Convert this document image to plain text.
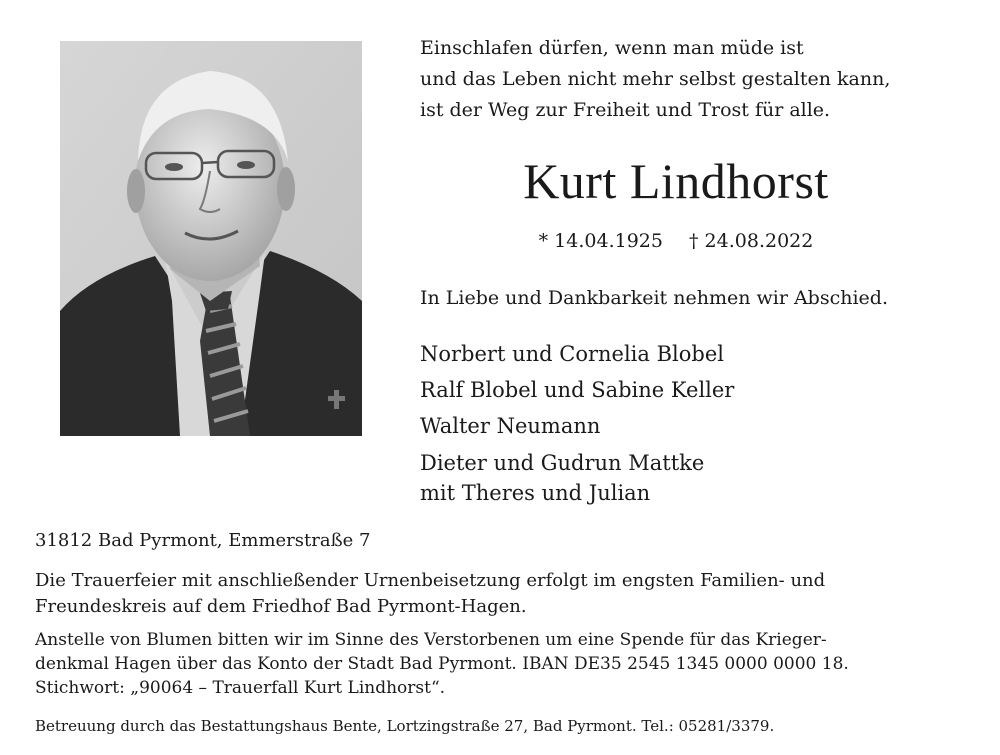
Einschlafen dürfen, wenn man müde ist
und das Leben nicht mehr selbst gestalten kann,
ist der Weg zur Freiheit und Trost für alle.
Kurt Lindhorst
* 14.04.1925 † 24.08.2022
In Liebe und Dankbarkeit nehmen wir Abschied.
Norbert und Cornelia Blobel
Ralf Blobel und Sabine Keller
Walter Neumann
Dieter und Gudrun Mattke
mit Theres und Julian
31812 Bad Pyrmont, Emmerstraße 7
Die Trauerfeier mit anschließender Urnenbeisetzung erfolgt im engsten Familien- und
Freundeskreis auf dem Friedhof Bad Pyrmont-Hagen.
Anstelle von Blumen bitten wir im Sinne des Verstorbenen um eine Spende für das Krieger-
denkmal Hagen über das Konto der Stadt Bad Pyrmont. IBAN DE35 2545 1345 0000 0000 18.
Stichwort: „90064 – Trauerfall Kurt Lindhorst“.
Betreuung durch das Bestattungshaus Bente, Lortzingstraße 27, Bad Pyrmont. Tel.: 05281/3379.
